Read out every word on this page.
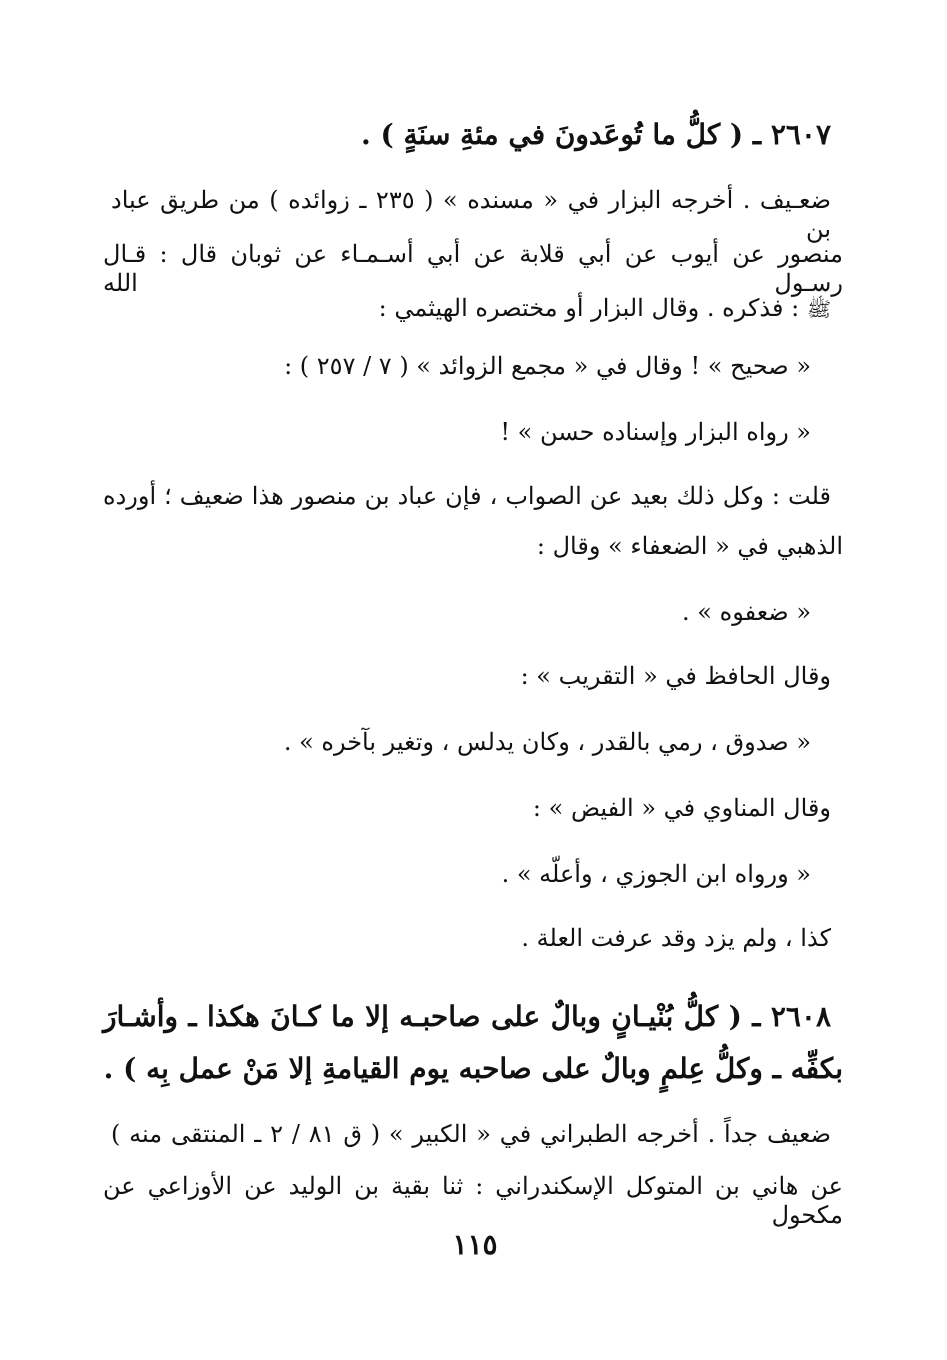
٢٦٠٧ ـ ( كلُّ ما تُوعَدونَ في مئةِ سنَةٍ ) .
ضعـيف . أخرجه البزار في « مسنده » ( ٢٣٥ ـ زوائده ) من طريق عباد بن
منصور عن أيوب عن أبي قلابة عن أبي أسـمـاء عن ثوبان قال : قـال رسـول الله
ﷺ : فذكره . وقال البزار أو مختصره الهيثمي :
« صحيح » ! وقال في « مجمع الزوائد » ( ٧ / ٢٥٧ ) :
« رواه البزار وإسناده حسن » !
قلت : وكل ذلك بعيد عن الصواب ، فإن عباد بن منصور هذا ضعيف ؛ أورده
الذهبي في « الضعفاء » وقال :
« ضعفوه » .
وقال الحافظ في « التقريب » :
« صدوق ، رمي بالقدر ، وكان يدلس ، وتغير بآخره » .
وقال المناوي في « الفيض » :
« ورواه ابن الجوزي ، وأعلّه » .
كذا ، ولم يزد وقد عرفت العلة .
٢٦٠٨ ـ ( كلُّ بُنْيـانٍ وبالٌ على صاحبـه إلا ما كـانَ هكذا ـ وأشـارَ
بكفِّه ـ وكلُّ عِلمٍ وبالٌ على صاحبه يوم القيامةِ إلا مَنْ عمل بِه ) .
ضعيف جداً . أخرجه الطبراني في « الكبير » ( ق ٨١ / ٢ ـ المنتقى منه )
عن هاني بن المتوكل الإسكندراني : ثنا بقية بن الوليد عن الأوزاعي عن مكحول
١١٥
